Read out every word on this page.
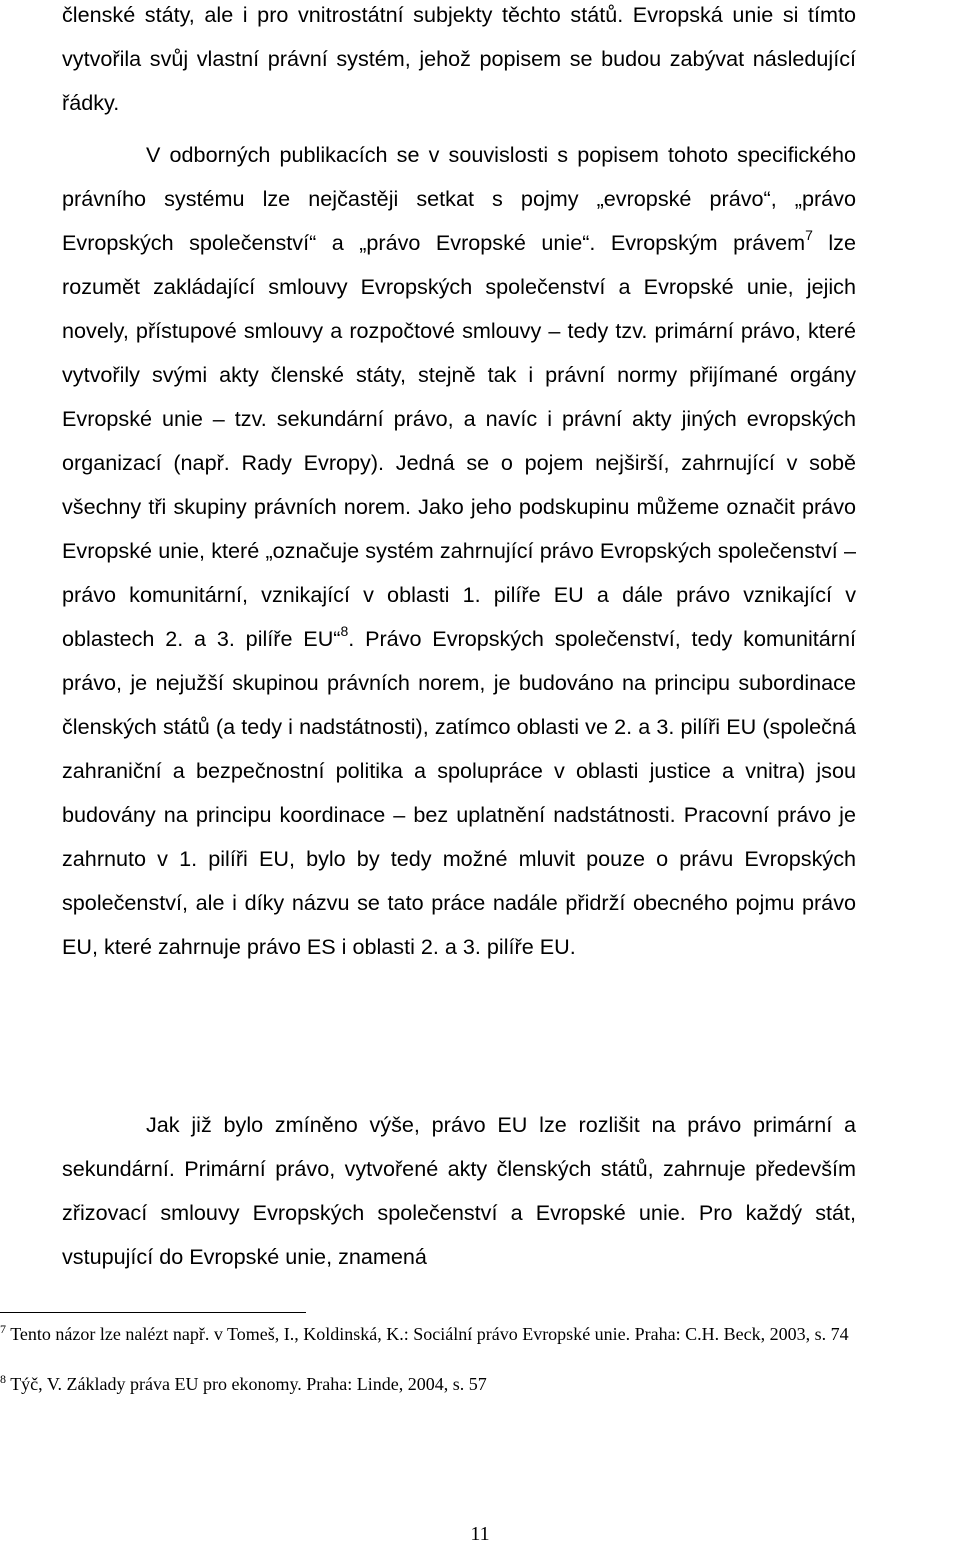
členské státy, ale i pro vnitrostátní subjekty těchto států. Evropská unie si tímto vytvořila svůj vlastní právní systém, jehož popisem se budou zabývat následující řádky.

V odborných publikacích se v souvislosti s popisem tohoto specifického právního systému lze nejčastěji setkat s pojmy „evropské právo“, „právo Evropských společenství“ a „právo Evropské unie“. Evropským právem$^7$ lze rozumět zakládající smlouvy Evropských společenství a Evropské unie, jejich novely, přístupové smlouvy a rozpočtové smlouvy – tedy tzv. primární právo, které vytvořily svými akty členské státy, stejně tak i právní normy přijímané orgány Evropské unie – tzv. sekundární právo, a navíc i právní akty jiných evropských organizací (např. Rady Evropy). Jedná se o pojem nejširší, zahrnující v sobě všechny tři skupiny právních norem. Jako jeho podskupinu můžeme označit právo Evropské unie, které „označuje systém zahrnující právo Evropských společenství – právo komunitární, vznikající v oblasti 1. pilíře EU a dále právo vznikající v oblastech 2. a 3. pilíře EU“$^8$. Právo Evropských společenství, tedy komunitární právo, je nejužší skupinou právních norem, je budováno na principu subordinace členských států (a tedy i nadstátnosti), zatímco oblasti ve 2. a 3. pilíři EU (společná zahraniční a bezpečnostní politika a spolupráce v oblasti justice a vnitra) jsou budovány na principu koordinace – bez uplatnění nadstátnosti. Pracovní právo je zahrnuto v 1. pilíři EU, bylo by tedy možné mluvit pouze o právu Evropských společenství, ale i díky názvu se tato práce nadále přidrží obecného pojmu právo EU, které zahrnuje právo ES i oblasti 2. a 3. pilíře EU.

Jak již bylo zmíněno výše, právo EU lze rozlišit na právo primární a sekundární. Primární právo, vytvořené akty členských států, zahrnuje především zřizovací smlouvy Evropských společenství a Evropské unie. Pro každý stát, vstupující do Evropské unie, znamená

$^7$ Tento názor lze nalézt např. v Tomeš, I., Koldinská, K.: Sociální právo Evropské unie. Praha: C.H. Beck, 2003, s. 74

$^8$ Týč, V. Základy práva EU pro ekonomy. Praha: Linde, 2004, s. 57

11
